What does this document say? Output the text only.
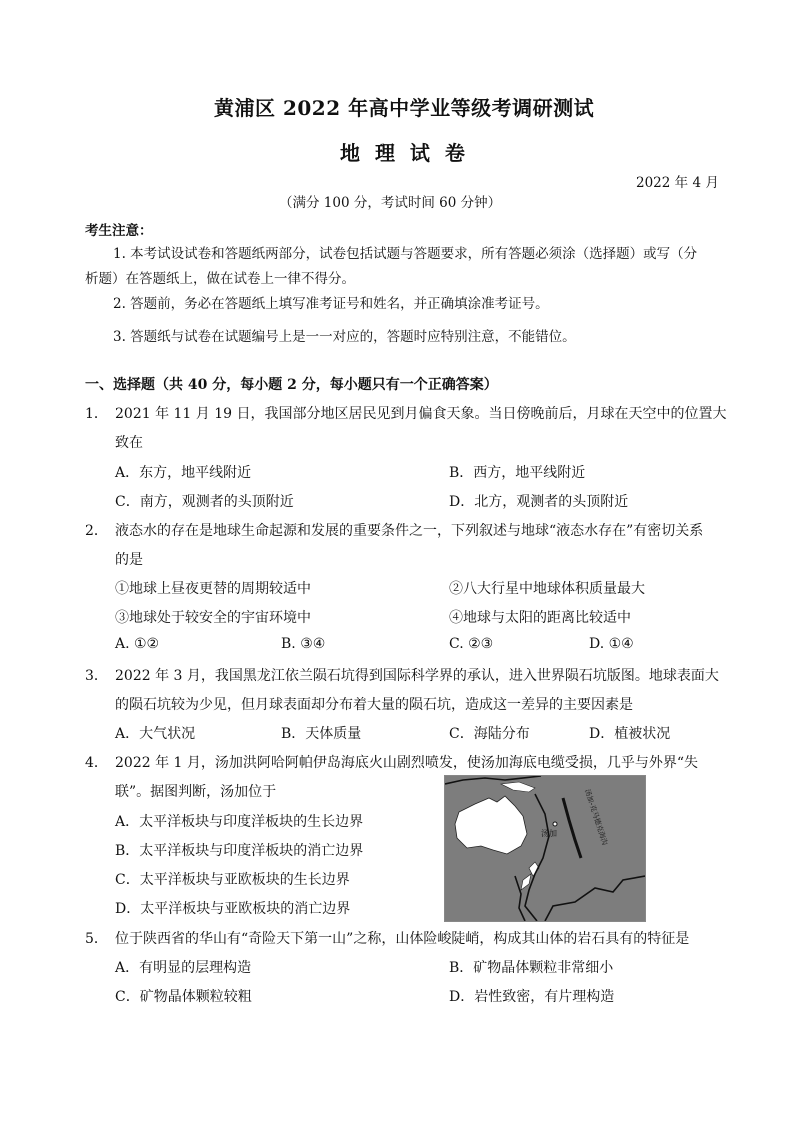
黄浦区 2022 年高中学业等级考调研测试
地 理 试 卷
2022 年 4 月
（满分 100 分，考试时间 60 分钟）
考生注意：
1. 本考试设试卷和答题纸两部分，试卷包括试题与答题要求，所有答题必须涂（选择题）或写（分
析题）在答题纸上，做在试卷上一律不得分。
2. 答题前，务必在答题纸上填写准考证号和姓名，并正确填涂准考证号。
3. 答题纸与试卷在试题编号上是一一对应的，答题时应特别注意，不能错位。
一、选择题（共 40 分，每小题 2 分，每小题只有一个正确答案）
1． 2021 年 11 月 19 日，我国部分地区居民见到月偏食天象。当日傍晚前后，月球在天空中的位置大
致在
A．东方，地平线附近	B．西方，地平线附近
C．南方，观测者的头顶附近	D．北方，观测者的头顶附近
2． 液态水的存在是地球生命起源和发展的重要条件之一，下列叙述与地球“液态水存在”有密切关系
的是
①地球上昼夜更替的周期较适中	②八大行星中地球体积质量最大
③地球处于较安全的宇宙环境中	④地球与太阳的距离比较适中
A. ①②	B. ③④	C. ②③	D. ①④
3． 2022 年 3 月，我国黑龙江依兰陨石坑得到国际科学界的承认，进入世界陨石坑版图。地球表面大
的陨石坑较为少见，但月球表面却分布着大量的陨石坑，造成这一差异的主要因素是
A．大气状况	B．天体质量	C．海陆分布	D．植被状况
4． 2022 年 1 月，汤加洪阿哈阿帕伊岛海底火山剧烈喷发，使汤加海底电缆受损，几乎与外界“失
联”。据图判断，汤加位于
A．太平洋板块与印度洋板块的生长边界
B．太平洋板块与印度洋板块的消亡边界
C．太平洋板块与亚欧板块的生长边界
D．太平洋板块与亚欧板块的消亡边界
汤加	汤加-克马德克海沟
5． 位于陕西省的华山有“奇险天下第一山”之称，山体险峻陡峭，构成其山体的岩石具有的特征是
A．有明显的层理构造	B．矿物晶体颗粒非常细小
C．矿物晶体颗粒较粗	D．岩性致密，有片理构造
